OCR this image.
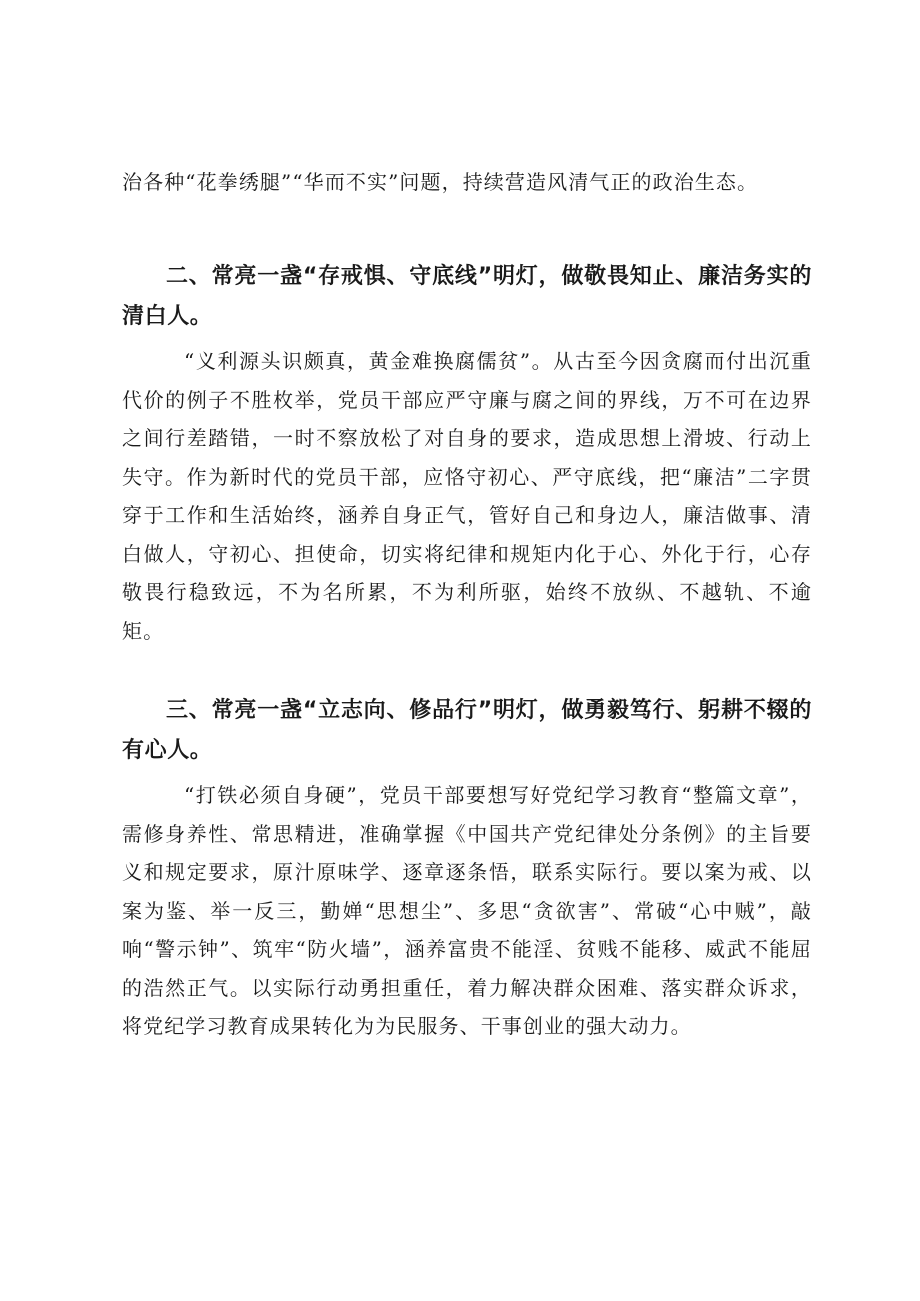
治各种“花拳绣腿”“华而不实”问题，持续营造风清气正的政治生态。

二、常亮一盏“存戒惧、守底线”明灯，做敬畏知止、廉洁务实的清白人。

“义利源头识颇真，黄金难换腐儒贫”。从古至今因贪腐而付出沉重代价的例子不胜枚举，党员干部应严守廉与腐之间的界线，万不可在边界之间行差踏错，一时不察放松了对自身的要求，造成思想上滑坡、行动上失守。作为新时代的党员干部，应恪守初心、严守底线，把“廉洁”二字贯穿于工作和生活始终，涵养自身正气，管好自己和身边人，廉洁做事、清白做人，守初心、担使命，切实将纪律和规矩内化于心、外化于行，心存敬畏行稳致远，不为名所累，不为利所驱，始终不放纵、不越轨、不逾矩。

三、常亮一盏“立志向、修品行”明灯，做勇毅笃行、躬耕不辍的有心人。

“打铁必须自身硬”，党员干部要想写好党纪学习教育“整篇文章”，需修身养性、常思精进，准确掌握《中国共产党纪律处分条例》的主旨要义和规定要求，原汁原味学、逐章逐条悟，联系实际行。要以案为戒、以案为鉴、举一反三，勤婵“思想尘”、多思“贪欲害”、常破“心中贼”，敲响“警示钟”、筑牢“防火墙”，涵养富贵不能淫、贫贱不能移、威武不能屈的浩然正气。以实际行动勇担重任，着力解决群众困难、落实群众诉求，将党纪学习教育成果转化为为民服务、干事创业的强大动力。
